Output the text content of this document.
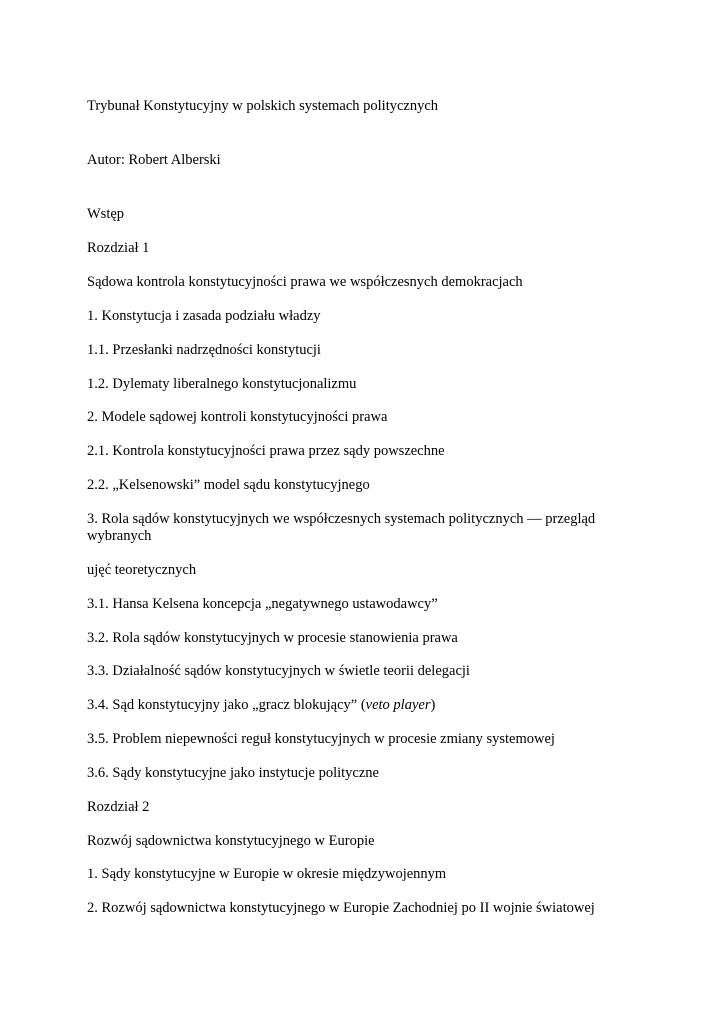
Trybunał Konstytucyjny w polskich systemach politycznych
Autor: Robert Alberski
Wstęp
Rozdział 1
Sądowa kontrola konstytucyjności prawa we współczesnych demokracjach
1. Konstytucja i zasada podziału władzy
1.1. Przesłanki nadrzędności konstytucji
1.2. Dylematy liberalnego konstytucjonalizmu
2. Modele sądowej kontroli konstytucyjności prawa
2.1. Kontrola konstytucyjności prawa przez sądy powszechne
2.2. „Kelsenowski” model sądu konstytucyjnego
3. Rola sądów konstytucyjnych we współczesnych systemach politycznych — przegląd wybranych
ujęć teoretycznych
3.1. Hansa Kelsena koncepcja „negatywnego ustawodawcy”
3.2. Rola sądów konstytucyjnych w procesie stanowienia prawa
3.3. Działalność sądów konstytucyjnych w świetle teorii delegacji
3.4. Sąd konstytucyjny jako „gracz blokujący” (veto player)
3.5. Problem niepewności reguł konstytucyjnych w procesie zmiany systemowej
3.6. Sądy konstytucyjne jako instytucje polityczne
Rozdział 2
Rozwój sądownictwa konstytucyjnego w Europie
1. Sądy konstytucyjne w Europie w okresie międzywojennym
2. Rozwój sądownictwa konstytucyjnego w Europie Zachodniej po II wojnie światowej
